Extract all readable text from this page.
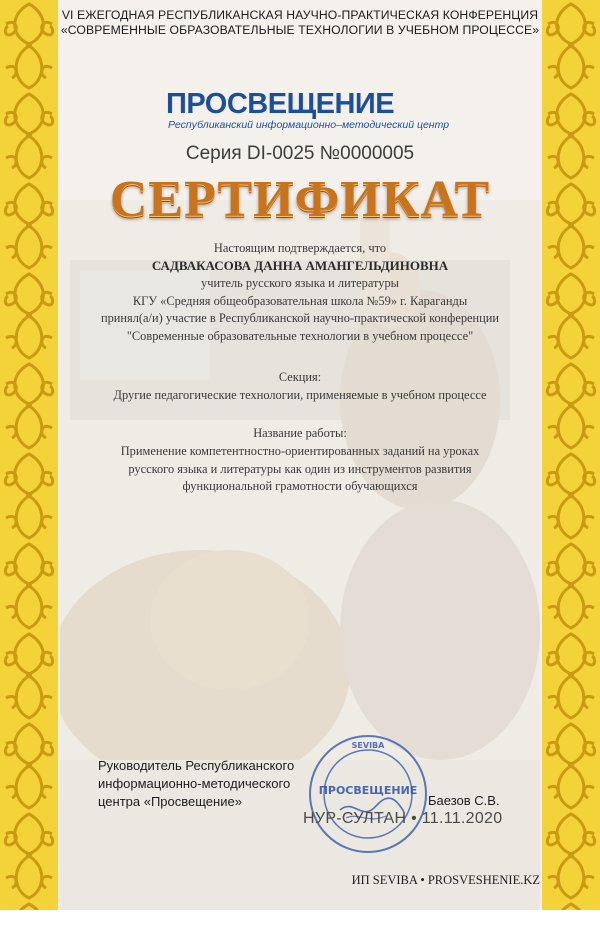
VI ЕЖЕГОДНАЯ РЕСПУБЛИКАНСКАЯ НАУЧНО-ПРАКТИЧЕСКАЯ КОНФЕРЕНЦИЯ
«СОВРЕМЕННЫЕ ОБРАЗОВАТЕЛЬНЫЕ ТЕХНОЛОГИИ В УЧЕБНОМ ПРОЦЕССЕ»
ПРОСВЕЩЕНИЕ
Республиканский информационно–методический центр
Серия DI-0025 №0000005
СЕРТИФИКАТ
Настоящим подтверждается, что
САДВАКАСОВА ДАННА АМАНГЕЛЬДИНОВНА
учитель русского языка и литературы
КГУ «Средняя общеобразовательная школа №59» г. Караганды
принял(а/и) участие в Республиканской научно-практической конференции
"Современные образовательные технологии в учебном процессе"
Секция:
Другие педагогические технологии, применяемые в учебном процессе
Название работы:
Применение компетентностно-ориентированных заданий на уроках
русского языка и литературы как один из инструментов развития
функциональной грамотности обучающихся
Руководитель Республиканского
информационно-методического
центра «Просвещение»
SEVIBA
ПРОСВЕЩЕНИЕ
Баезов С.В.
НУР-СУЛТАН • 11.11.2020
ИП SEVIBA • PROSVESHENIE.KZ
